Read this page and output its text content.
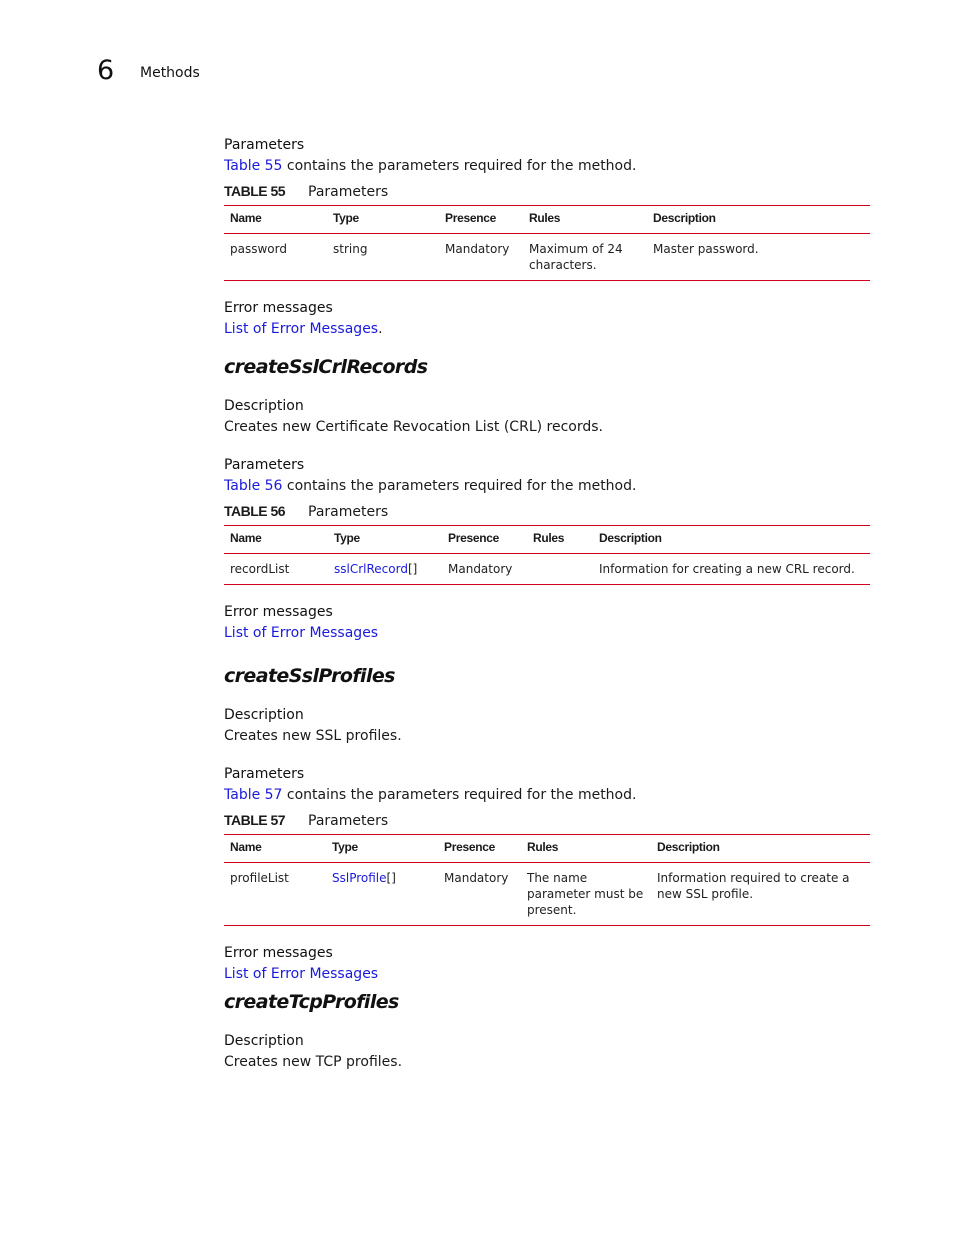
6 Methods
Parameters
Table 55 contains the parameters required for the method.
TABLE 55 Parameters
Name	Type	Presence	Rules	Description
password	string	Mandatory	Maximum of 24 characters.	Master password.
Error messages
List of Error Messages.
createSslCrlRecords
Description
Creates new Certificate Revocation List (CRL) records.
Parameters
Table 56 contains the parameters required for the method.
TABLE 56 Parameters
Name	Type	Presence	Rules	Description
recordList	sslCrlRecord[]	Mandatory		Information for creating a new CRL record.
Error messages
List of Error Messages
createSslProfiles
Description
Creates new SSL profiles.
Parameters
Table 57 contains the parameters required for the method.
TABLE 57 Parameters
Name	Type	Presence	Rules	Description
profileList	SslProfile[]	Mandatory	The name parameter must be present.	Information required to create a new SSL profile.
Error messages
List of Error Messages
createTcpProfiles
Description
Creates new TCP profiles.
